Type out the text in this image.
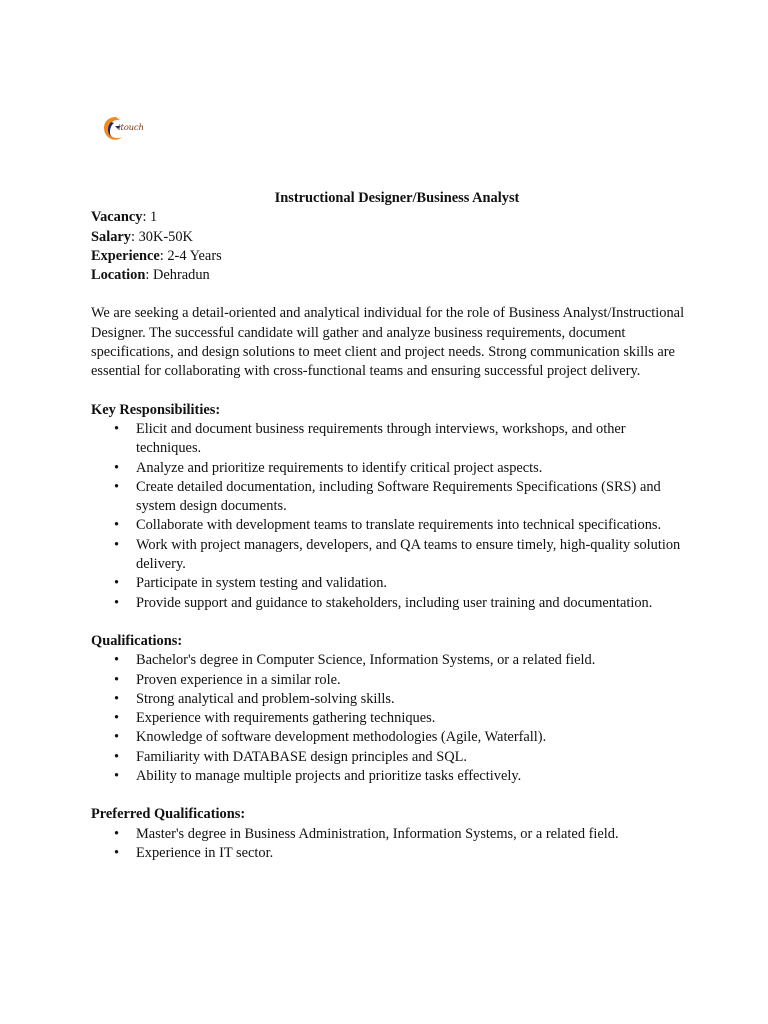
itouch
Instructional Designer/Business Analyst

Vacancy: 1

Salary: 30K-50K

Experience: 2-4 Years

Location: Dehradun

We are seeking a detail-oriented and analytical individual for the role of Business Analyst/Instructional Designer. The successful candidate will gather and analyze business requirements, document specifications, and design solutions to meet client and project needs. Strong communication skills are essential for collaborating with cross-functional teams and ensuring successful project delivery.

Key Responsibilities:

• Elicit and document business requirements through interviews, workshops, and other techniques.
• Analyze and prioritize requirements to identify critical project aspects.
• Create detailed documentation, including Software Requirements Specifications (SRS) and system design documents.
• Collaborate with development teams to translate requirements into technical specifications.
• Work with project managers, developers, and QA teams to ensure timely, high-quality solution delivery.
• Participate in system testing and validation.
• Provide support and guidance to stakeholders, including user training and documentation.

Qualifications:

• Bachelor's degree in Computer Science, Information Systems, or a related field.
• Proven experience in a similar role.
• Strong analytical and problem-solving skills.
• Experience with requirements gathering techniques.
• Knowledge of software development methodologies (Agile, Waterfall).
• Familiarity with DATABASE design principles and SQL.
• Ability to manage multiple projects and prioritize tasks effectively.

Preferred Qualifications:

• Master's degree in Business Administration, Information Systems, or a related field.
• Experience in IT sector.
